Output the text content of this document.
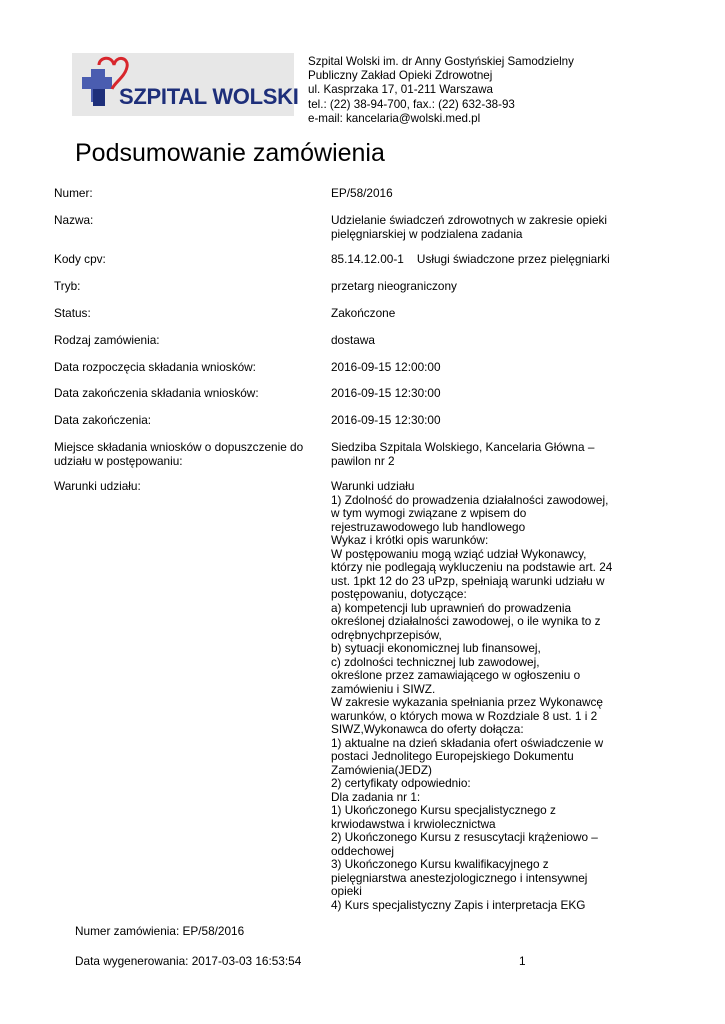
SZPITAL WOLSKI
Szpital Wolski im. dr Anny Gostyńskiej Samodzielny
Publiczny Zakład Opieki Zdrowotnej
ul. Kasprzaka 17, 01-211 Warszawa
tel.: (22) 38-94-700, fax.: (22) 632-38-93
e-mail: kancelaria@wolski.med.pl
Podsumowanie zamówienia
Numer:	EP/58/2016
Nazwa:	Udzielanie świadczeń zdrowotnych w zakresie opieki pielęgniarskiej w podzialena zadania
Kody cpv:	85.14.12.00-1    Usługi świadczone przez pielęgniarki
Tryb:	przetarg nieograniczony
Status:	Zakończone
Rodzaj zamówienia:	dostawa
Data rozpoczęcia składania wniosków:	2016-09-15 12:00:00
Data zakończenia składania wniosków:	2016-09-15 12:30:00
Data zakończenia:	2016-09-15 12:30:00
Miejsce składania wniosków o dopuszczenie do udziału w postępowaniu:
Siedziba Szpitala Wolskiego, Kancelaria Główna – pawilon nr 2
Warunki udziału:	Warunki udziału
1) Zdolność do prowadzenia działalności zawodowej,
w tym wymogi związane z wpisem do
rejestruzawodowego lub handlowego
Wykaz i krótki opis warunków:
W postępowaniu mogą wziąć udział Wykonawcy,
którzy nie podlegają wykluczeniu na podstawie art. 24
ust. 1pkt 12 do 23 uPzp, spełniają warunki udziału w
postępowaniu, dotyczące:
a) kompetencji lub uprawnień do prowadzenia
określonej działalności zawodowej, o ile wynika to z
odrębnychprzepisów,
b) sytuacji ekonomicznej lub finansowej,
c) zdolności technicznej lub zawodowej,
określone przez zamawiającego w ogłoszeniu o
zamówieniu i SIWZ.
W zakresie wykazania spełniania przez Wykonawcę
warunków, o których mowa w Rozdziale 8 ust. 1 i 2
SIWZ,Wykonawca do oferty dołącza:
1) aktualne na dzień składania ofert oświadczenie w
postaci Jednolitego Europejskiego Dokumentu
Zamówienia(JEDZ)
2) certyfikaty odpowiednio:
Dla zadania nr 1:
1) Ukończonego Kursu specjalistycznego z
krwiodawstwa i krwiolecznictwa
2) Ukończonego Kursu z resuscytacji krążeniowo –
oddechowej
3) Ukończonego Kursu kwalifikacyjnego z
pielęgniarstwa anestezjologicznego i intensywnej
opieki
4) Kurs specjalistyczny Zapis i interpretacja EKG
Numer zamówienia: EP/58/2016
Data wygenerowania: 2017-03-03 16:53:54	1
